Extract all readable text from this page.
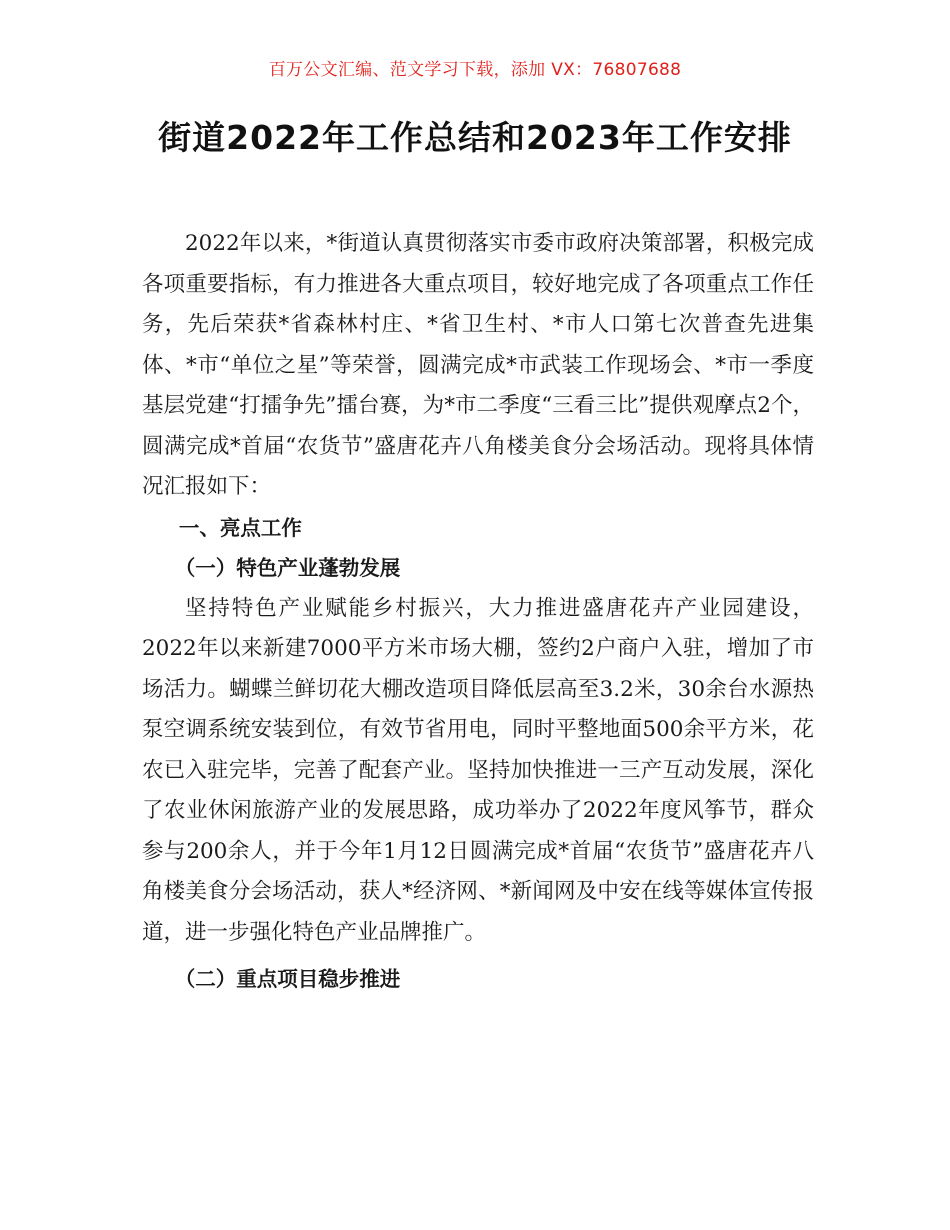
百万公文汇编、范文学习下载，添加 VX：76807688
街道2022年工作总结和2023年工作安排

2022年以来，*街道认真贯彻落实市委市政府决策部署，积极完成各项重要指标，有力推进各大重点项目，较好地完成了各项重点工作任务，先后荣获*省森林村庄、*省卫生村、*市人口第七次普查先进集体、*市“单位之星”等荣誉，圆满完成*市武装工作现场会、*市一季度基层党建“打擂争先”擂台赛，为*市二季度“三看三比”提供观摩点2个，圆满完成*首届“农货节”盛唐花卉八角楼美食分会场活动。现将具体情况汇报如下：

一、亮点工作

（一）特色产业蓬勃发展

坚持特色产业赋能乡村振兴，大力推进盛唐花卉产业园建设，2022年以来新建7000平方米市场大棚，签约2户商户入驻，增加了市场活力。蝴蝶兰鲜切花大棚改造项目降低层高至3.2米，30余台水源热泵空调系统安装到位，有效节省用电，同时平整地面500余平方米，花农已入驻完毕，完善了配套产业。坚持加快推进一三产互动发展，深化了农业休闲旅游产业的发展思路，成功举办了2022年度风筝节，群众参与200余人，并于今年1月12日圆满完成*首届“农货节”盛唐花卉八角楼美食分会场活动，获人*经济网、*新闻网及中安在线等媒体宣传报道，进一步强化特色产业品牌推广。

（二）重点项目稳步推进
